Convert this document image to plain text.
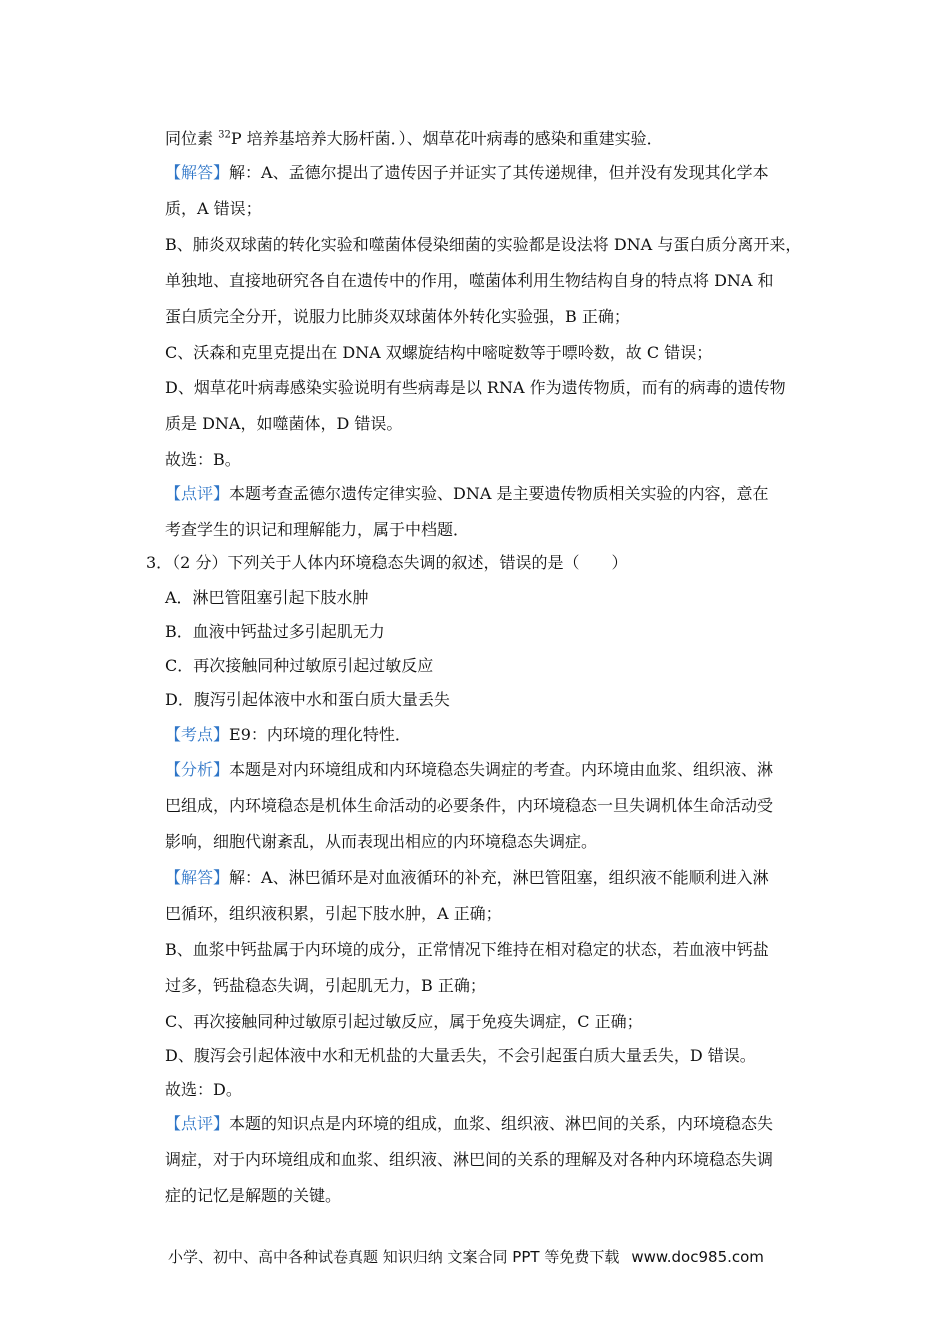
同位素 $^{32}$P 培养基培养大肠杆菌．）、烟草花叶病毒的感染和重建实验．
【解答】解：A、孟德尔提出了遗传因子并证实了其传递规律，但并没有发现其化学本
质，A 错误；
B、肺炎双球菌的转化实验和噬菌体侵染细菌的实验都是设法将 DNA 与蛋白质分离开来，
单独地、直接地研究各自在遗传中的作用，噬菌体利用生物结构自身的特点将 DNA 和
蛋白质完全分开，说服力比肺炎双球菌体外转化实验强，B 正确；
C、沃森和克里克提出在 DNA 双螺旋结构中嘧啶数等于嘌呤数，故 C 错误；
D、烟草花叶病毒感染实验说明有些病毒是以 RNA 作为遗传物质，而有的病毒的遗传物
质是 DNA，如噬菌体，D 错误。
故选：B。
【点评】本题考查孟德尔遗传定律实验、DNA 是主要遗传物质相关实验的内容，意在
考查学生的识记和理解能力，属于中档题．
3．（2 分）下列关于人体内环境稳态失调的叙述，错误的是（　　）
A．淋巴管阻塞引起下肢水肿
B．血液中钙盐过多引起肌无力
C．再次接触同种过敏原引起过敏反应
D．腹泻引起体液中水和蛋白质大量丢失
【考点】E9：内环境的理化特性．
【分析】本题是对内环境组成和内环境稳态失调症的考查。内环境由血浆、组织液、淋
巴组成，内环境稳态是机体生命活动的必要条件，内环境稳态一旦失调机体生命活动受
影响，细胞代谢紊乱，从而表现出相应的内环境稳态失调症。
【解答】解：A、淋巴循环是对血液循环的补充，淋巴管阻塞，组织液不能顺利进入淋
巴循环，组织液积累，引起下肢水肿，A 正确；
B、血浆中钙盐属于内环境的成分，正常情况下维持在相对稳定的状态，若血液中钙盐
过多，钙盐稳态失调，引起肌无力，B 正确；
C、再次接触同种过敏原引起过敏反应，属于免疫失调症，C 正确；
D、腹泻会引起体液中水和无机盐的大量丢失，不会引起蛋白质大量丢失，D 错误。
故选：D。
【点评】本题的知识点是内环境的组成，血浆、组织液、淋巴间的关系，内环境稳态失
调症，对于内环境组成和血浆、组织液、淋巴间的关系的理解及对各种内环境稳态失调
症的记忆是解题的关键。
小学、初中、高中各种试卷真题 知识归纳 文案合同 PPT 等免费下载 www.doc985.com
